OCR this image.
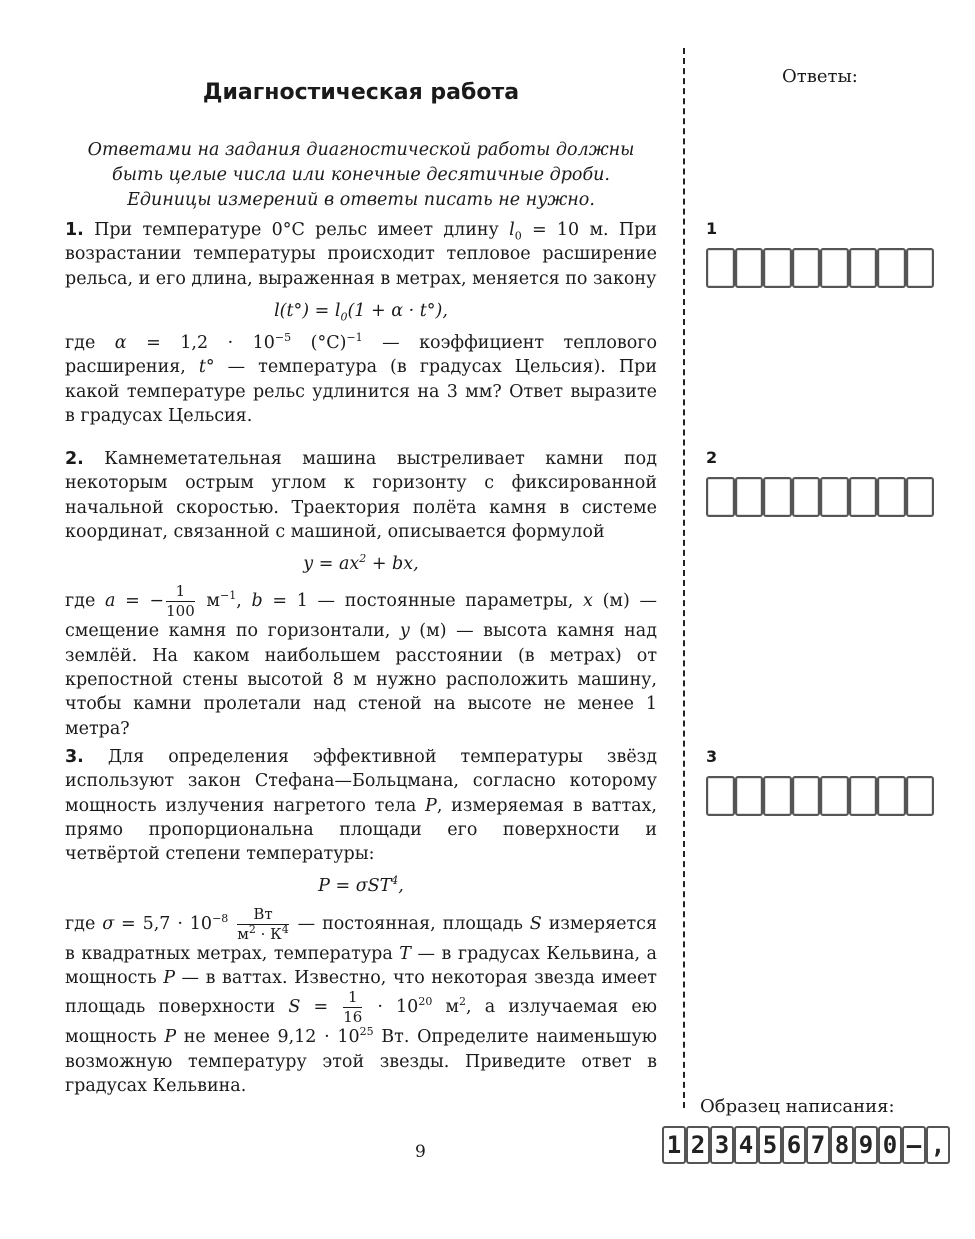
Диагностическая работа
Ответами на задания диагностической работы должны быть целые числа или конечные десятичные дроби. Единицы измерений в ответы писать не нужно.

1. При температуре 0°C рельс имеет длину $l_0 = 10$ м. При возрастании температуры происходит тепловое расширение рельса, и его длина, выраженная в метрах, меняется по закону

$l(t^\circ) = l_0(1 + \alpha \cdot t^\circ)$,

где $\alpha = 1,2 \cdot 10^{-5}$ $(^\circ C)^{-1}$ — коэффициент теплового расширения, t° — температура (в градусах Цельсия). При какой температуре рельс удлинится на 3 мм? Ответ выразите в градусах Цельсия.

2. Камнеметательная машина выстреливает камни под некоторым острым углом к горизонту с фиксированной начальной скоростью. Траектория полёта камня в системе координат, связанной с машиной, описывается формулой

$y = ax^2$ + bx,

где a = − $\frac{1}{100} м^{-1}$, b = 1 — постоянные параметры, x (м) — смещение камня по горизонтали, y (м) — высота камня над землёй. На каком наибольшем расстоянии (в метрах) от крепостной стены высотой 8 м нужно расположить машину, чтобы камни пролетали над стеной на высоте не менее 1 метра?

3. Для определения эффективной температуры звёзд используют закон Стефана—Больцмана, согласно которому мощность излучения нагретого тела P, измеряемая в ваттах, прямо пропорциональна площади его поверхности и четвёртой степени температуры:

P = σST$^4$,

где $\sigma = 5,7 \cdot 10^{-8} \frac{Вт}{м^2 \cdot К^4}$ — постоянная, площадь S измеряется в квадратных метрах, температура T — в градусах Кельвина, а мощность P — в ваттах. Известно, что некоторая звезда имеет площадь поверхности $S = \frac{1}{16} \cdot 10^{20}$ $м^2$, а излучаемая ею мощность P не менее $9,12 \cdot 10^{25}$ Вт. Определите наименьшую возможную температуру этой звезды. Приведите ответ в градусах Кельвина.

9
Ответы:
1
2
3
Образец написания:
1 2 3 4 5 6 7 8 9 0 – ,
